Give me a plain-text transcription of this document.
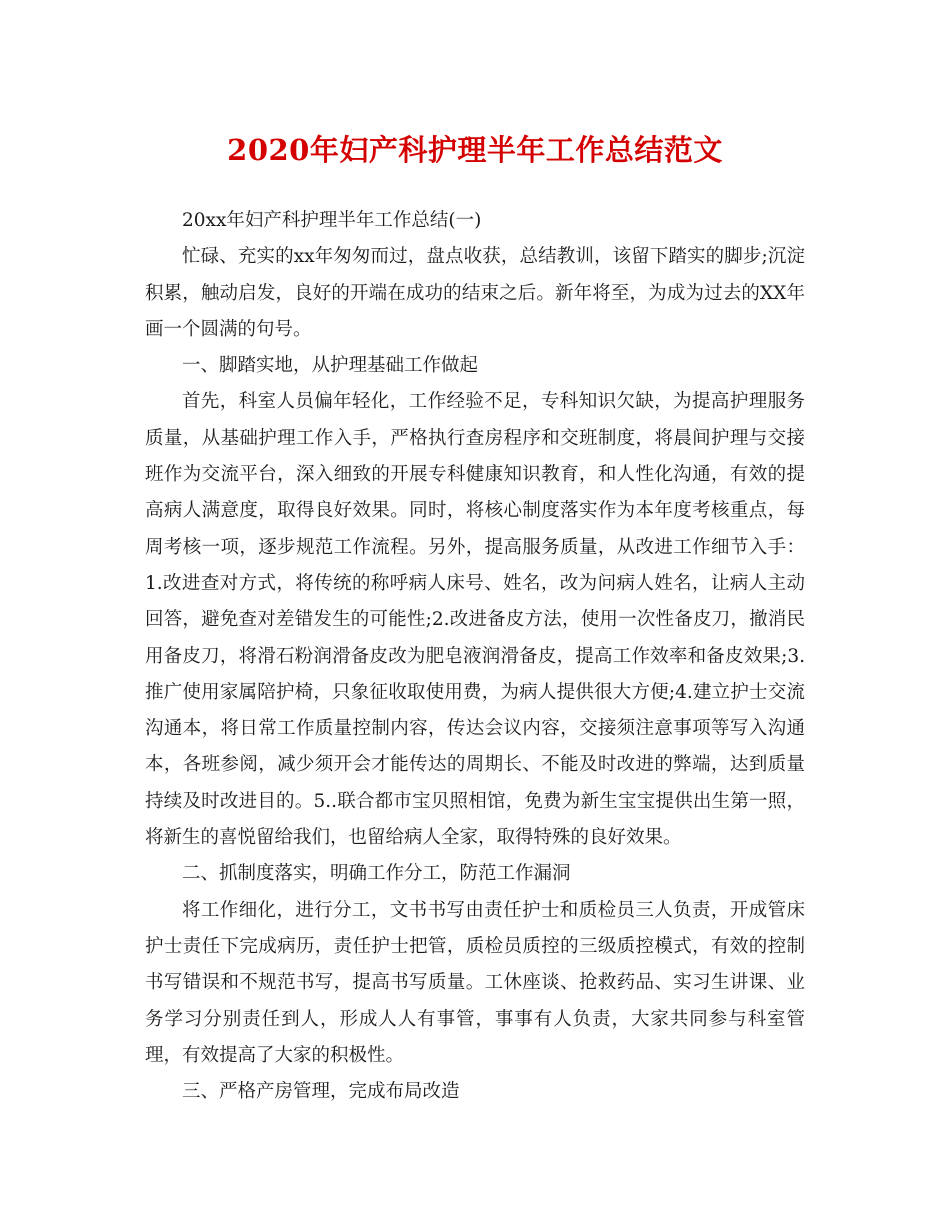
2020年妇产科护理半年工作总结范文

20xx年妇产科护理半年工作总结(一)

忙碌、充实的xx年匆匆而过，盘点收获，总结教训，该留下踏实的脚步;沉淀积累，触动启发，良好的开端在成功的结束之后。新年将至，为成为过去的XX年画一个圆满的句号。

一、脚踏实地，从护理基础工作做起

首先，科室人员偏年轻化，工作经验不足，专科知识欠缺，为提高护理服务质量，从基础护理工作入手，严格执行查房程序和交班制度，将晨间护理与交接班作为交流平台，深入细致的开展专科健康知识教育，和人性化沟通，有效的提高病人满意度，取得良好效果。同时，将核心制度落实作为本年度考核重点，每周考核一项，逐步规范工作流程。另外，提高服务质量，从改进工作细节入手：1.改进查对方式，将传统的称呼病人床号、姓名，改为问病人姓名，让病人主动回答，避免查对差错发生的可能性;2.改进备皮方法，使用一次性备皮刀，撤消民用备皮刀，将滑石粉润滑备皮改为肥皂液润滑备皮，提高工作效率和备皮效果;3.推广使用家属陪护椅，只象征收取使用费，为病人提供很大方便;4.建立护士交流沟通本，将日常工作质量控制内容，传达会议内容，交接须注意事项等写入沟通本，各班参阅，减少须开会才能传达的周期长、不能及时改进的弊端，达到质量持续及时改进目的。5..联合都市宝贝照相馆，免费为新生宝宝提供出生第一照，将新生的喜悦留给我们，也留给病人全家，取得特殊的良好效果。

二、抓制度落实，明确工作分工，防范工作漏洞

将工作细化，进行分工，文书书写由责任护士和质检员三人负责，开成管床护士责任下完成病历，责任护士把管，质检员质控的三级质控模式，有效的控制书写错误和不规范书写，提高书写质量。工休座谈、抢救药品、实习生讲课、业务学习分别责任到人，形成人人有事管，事事有人负责，大家共同参与科室管理，有效提高了大家的积极性。

三、严格产房管理，完成布局改造
